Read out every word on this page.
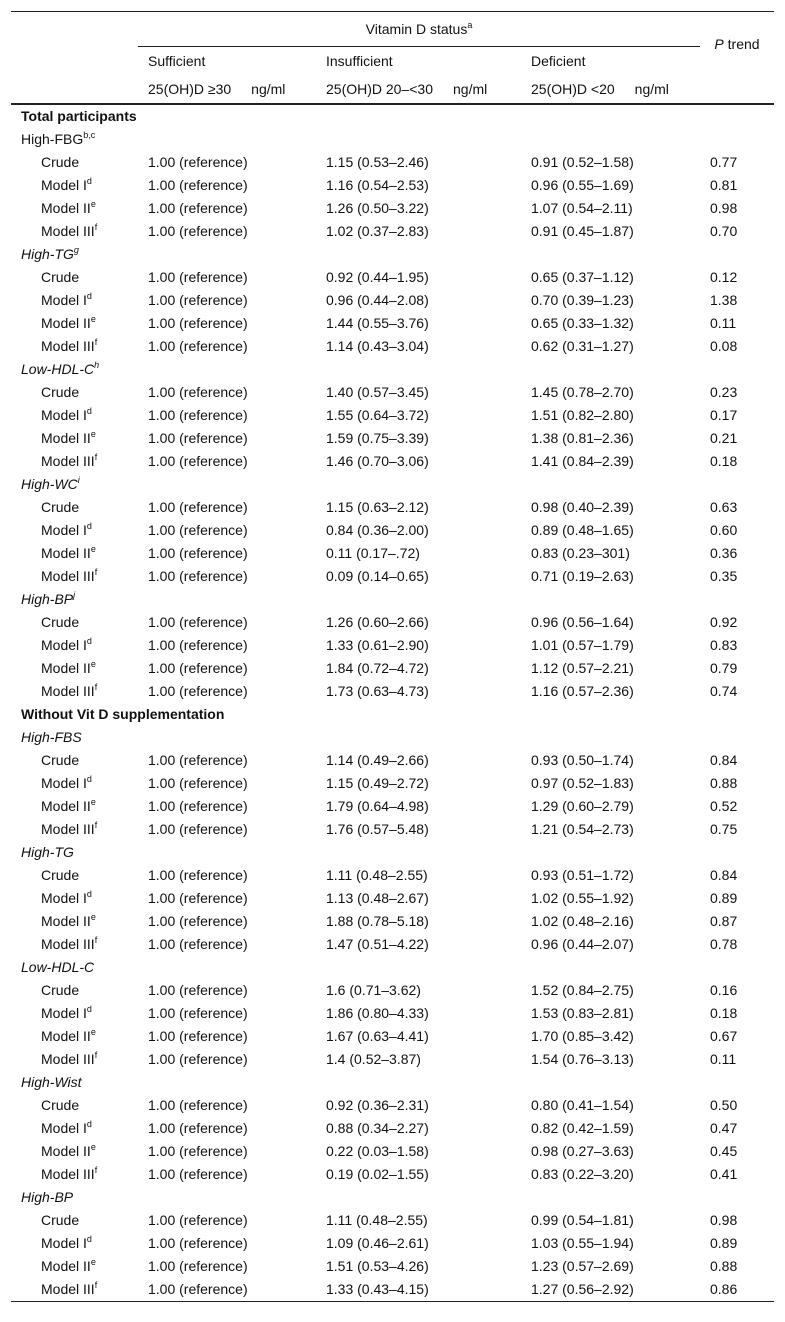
	Vitamin D status$^a$			P trend
	Sufficient	Insufficient	Deficient	
	25(OH)D ≥30 ng/ml	25(OH)D 20–<30 ng/ml	25(OH)D <20 ng/ml	
Total participants				
High-FBG$^{b,c}$
Crude	1.00 (reference)	1.15 (0.53–2.46)	0.91 (0.52–1.58)	0.77
Model $I^d$	1.00 (reference)	1.16 (0.54–2.53)	0.96 (0.55–1.69)	0.81
Model IIe	1.00 (reference)	1.26 (0.50–3.22)	1.07 (0.54–2.11)	0.98
Model III$^f$	1.00 (reference)	1.02 (0.37–2.83)	0.91 (0.45–1.87)	0.70
High-$TG^g$
Crude	1.00 (reference)	0.92 (0.44–1.95)	0.65 (0.37–1.12)	0.12
Model $I^d$	1.00 (reference)	0.96 (0.44–2.08)	0.70 (0.39–1.23)	1.38
Model IIe	1.00 (reference)	1.44 (0.55–3.76)	0.65 (0.33–1.32)	0.11
Model III$^f$	1.00 (reference)	1.14 (0.43–3.04)	0.62 (0.31–1.27)	0.08
Low-$HDL-C^h$
Crude	1.00 (reference)	1.40 (0.57–3.45)	1.45 (0.78–2.70)	0.23
Model $I^d$	1.00 (reference)	1.55 (0.64–3.72)	1.51 (0.82–2.80)	0.17
Model IIe	1.00 (reference)	1.59 (0.75–3.39)	1.38 (0.81–2.36)	0.21
Model III$^f$	1.00 (reference)	1.46 (0.70–3.06)	1.41 (0.84–2.39)	0.18
High-$WC^i$
Crude	1.00 (reference)	1.15 (0.63–2.12)	0.98 (0.40–2.39)	0.63
Model $I^d$	1.00 (reference)	0.84 (0.36–2.00)	0.89 (0.48–1.65)	0.60
Model IIe	1.00 (reference)	0.11 (0.17–.72)	0.83 (0.23–301)	0.36
Model III$^f$	1.00 (reference)	0.09 (0.14–0.65)	0.71 (0.19–2.63)	0.35
High-$BP^j$
Crude	1.00 (reference)	1.26 (0.60–2.66)	0.96 (0.56–1.64)	0.92
Model $I^d$	1.00 (reference)	1.33 (0.61–2.90)	1.01 (0.57–1.79)	0.83
Model IIe	1.00 (reference)	1.84 (0.72–4.72)	1.12 (0.57–2.21)	0.79
Model III$^f$	1.00 (reference)	1.73 (0.63–4.73)	1.16 (0.57–2.36)	0.74
Without Vit D supplementation				
High-FBS				
Crude	1.00 (reference)	1.14 (0.49–2.66)	0.93 (0.50–1.74)	0.84
Model $I^d$	1.00 (reference)	1.15 (0.49–2.72)	0.97 (0.52–1.83)	0.88
Model IIe	1.00 (reference)	1.79 (0.64–4.98)	1.29 (0.60–2.79)	0.52
Model III$^f$	1.00 (reference)	1.76 (0.57–5.48)	1.21 (0.54–2.73)	0.75
High-TG				
Crude	1.00 (reference)	1.11 (0.48–2.55)	0.93 (0.51–1.72)	0.84
Model $I^d$	1.00 (reference)	1.13 (0.48–2.67)	1.02 (0.55–1.92)	0.89
Model IIe	1.00 (reference)	1.88 (0.78–5.18)	1.02 (0.48–2.16)	0.87
Model III$^f$	1.00 (reference)	1.47 (0.51–4.22)	0.96 (0.44–2.07)	0.78
Low-HDL-C				
Crude	1.00 (reference)	1.6 (0.71–3.62)	1.52 (0.84–2.75)	0.16
Model $I^d$	1.00 (reference)	1.86 (0.80–4.33)	1.53 (0.83–2.81)	0.18
Model IIe	1.00 (reference)	1.67 (0.63–4.41)	1.70 (0.85–3.42)	0.67
Model III$^f$	1.00 (reference)	1.4 (0.52–3.87)	1.54 (0.76–3.13)	0.11
High-Wist				
Crude	1.00 (reference)	0.92 (0.36–2.31)	0.80 (0.41–1.54)	0.50
Model $I^d$	1.00 (reference)	0.88 (0.34–2.27)	0.82 (0.42–1.59)	0.47
Model IIe	1.00 (reference)	0.22 (0.03–1.58)	0.98 (0.27–3.63)	0.45
Model III$^f$	1.00 (reference)	0.19 (0.02–1.55)	0.83 (0.22–3.20)	0.41
High-BP				
Crude	1.00 (reference)	1.11 (0.48–2.55)	0.99 (0.54–1.81)	0.98
Model $I^d$	1.00 (reference)	1.09 (0.46–2.61)	1.03 (0.55–1.94)	0.89
Model IIe	1.00 (reference)	1.51 (0.53–4.26)	1.23 (0.57–2.69)	0.88
Model III$^f$	1.00 (reference)	1.33 (0.43–4.15)	1.27 (0.56–2.92)	0.86
